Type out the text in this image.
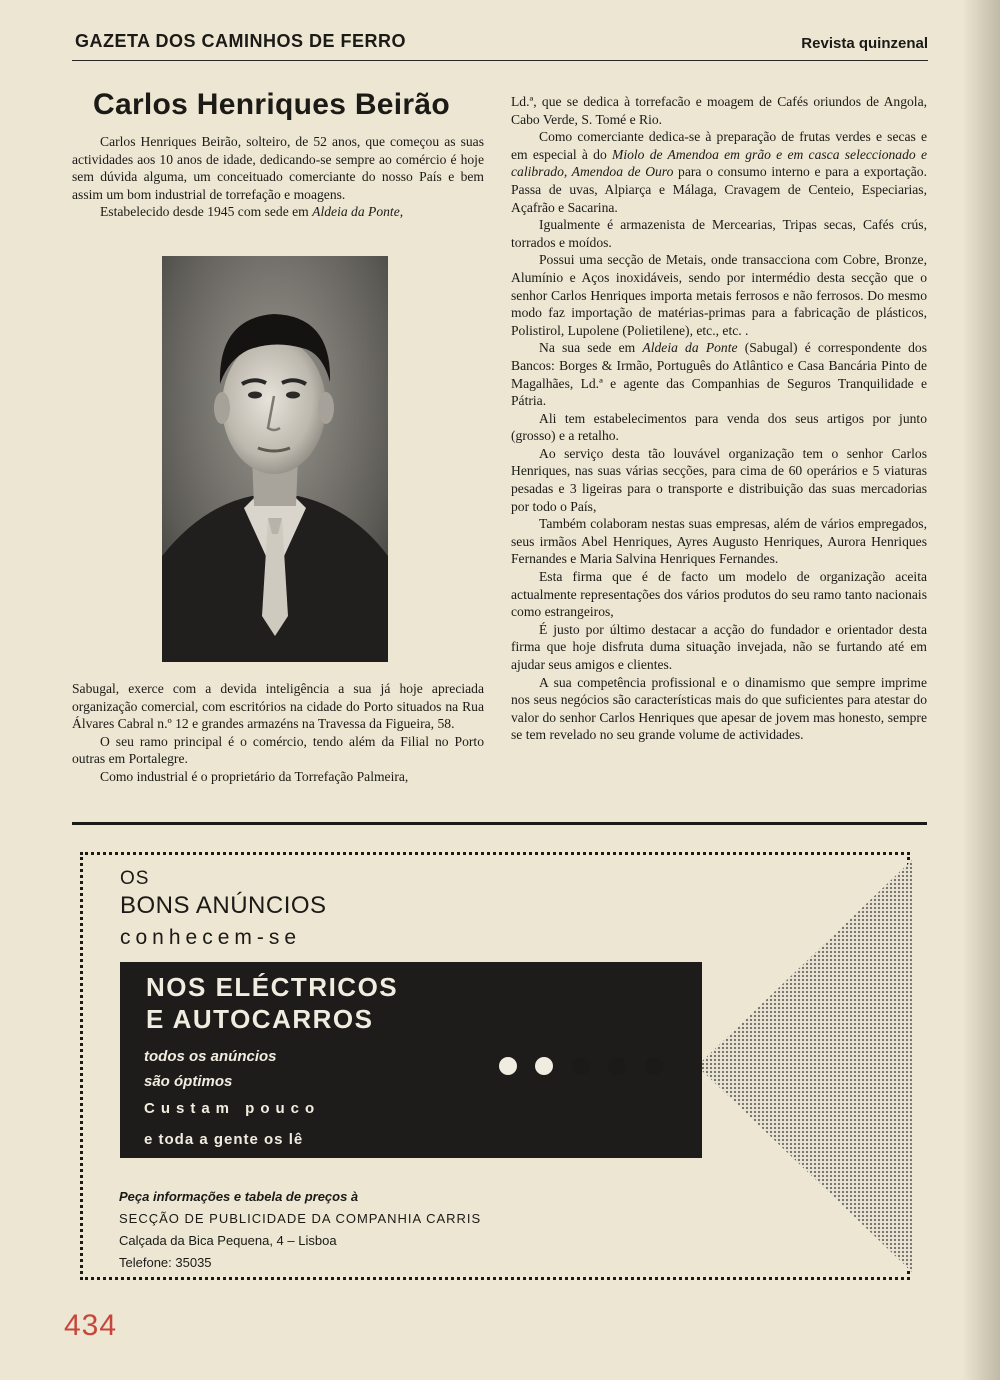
GAZETA DOS CAMINHOS DE FERRO	Revista quinzenal
Carlos Henriques Beirão

Carlos Henriques Beirão, solteiro, de 52 anos, que começou as suas actividades aos 10 anos de idade, dedicando-se sempre ao comércio é hoje sem dúvida alguma, um conceituado comerciante do nosso País e bem assim um bom industrial de torrefação e moagens.

Estabelecido desde 1945 com sede em Aldeia da Ponte,

Sabugal, exerce com a devida inteligência a sua já hoje apreciada organização comercial, com escritórios na cidade do Porto situados na Rua Álvares Cabral n.º 12 e grandes armazéns na Travessa da Figueira, 58.

O seu ramo principal é o comércio, tendo além da Filial no Porto outras em Portalegre.

Como industrial é o proprietário da Torrefação Palmeira,

Ld.ª, que se dedica à torrefacão e moagem de Cafés oriundos de Angola, Cabo Verde, S. Tomé e Rio.

Como comerciante dedica-se à preparação de frutas verdes e secas e em especial à do Miolo de Amendoa em grão e em casca seleccionado e calibrado, Amendoa de Ouro para o consumo interno e para a exportação. Passa de uvas, Alpiarça e Málaga, Cravagem de Centeio, Especiarias, Açafrão e Sacarina.

Igualmente é armazenista de Mercearias, Tripas secas, Cafés crús, torrados e moídos.

Possui uma secção de Metais, onde transacciona com Cobre, Bronze, Alumínio e Aços inoxidáveis, sendo por intermédio desta secção que o senhor Carlos Henriques importa metais ferrosos e não ferrosos. Do mesmo modo faz importação de matérias-primas para a fabricação de plásticos, Polistirol, Lupolene (Polietilene), etc., etc. .

Na sua sede em Aldeia da Ponte (Sabugal) é correspondente dos Bancos: Borges & Irmão, Português do Atlântico e Casa Bancária Pinto de Magalhães, Ld.ª e agente das Companhias de Seguros Tranquilidade e Pátria.

Ali tem estabelecimentos para venda dos seus artigos por junto (grosso) e a retalho.

Ao serviço desta tão louvável organização tem o senhor Carlos Henriques, nas suas várias secções, para cima de 60 operários e 5 viaturas pesadas e 3 ligeiras para o transporte e distribuição das suas mercadorias por todo o País,

Também colaboram nestas suas empresas, além de vários empregados, seus irmãos Abel Henriques, Ayres Augusto Henriques, Aurora Henriques Fernandes e Maria Salvina Henriques Fernandes.

Esta firma que é de facto um modelo de organização aceita actualmente representações dos vários produtos do seu ramo tanto nacionais como estrangeiros,

É justo por último destacar a acção do fundador e orientador desta firma que hoje disfruta duma situação invejada, não se furtando até em ajudar seus amigos e clientes.

A sua competência profissional e o dinamismo que sempre imprime nos seus negócios são características mais do que suficientes para atestar do valor do senhor Carlos Henriques que apesar de jovem mas honesto, sempre se tem revelado no seu grande volume de actividades.

OS
BONS ANÚNCIOS
conhecem-se
NOS ELÉCTRICOS
E AUTOCARROS
todos os anúncios
são óptimos
Custam pouco
e toda a gente os lê
Peça informações e tabela de preços à
SECÇÃO DE PUBLICIDADE DA COMPANHIA CARRIS
Calçada da Bica Pequena, 4 – Lisboa
Telefone: 35035
434
